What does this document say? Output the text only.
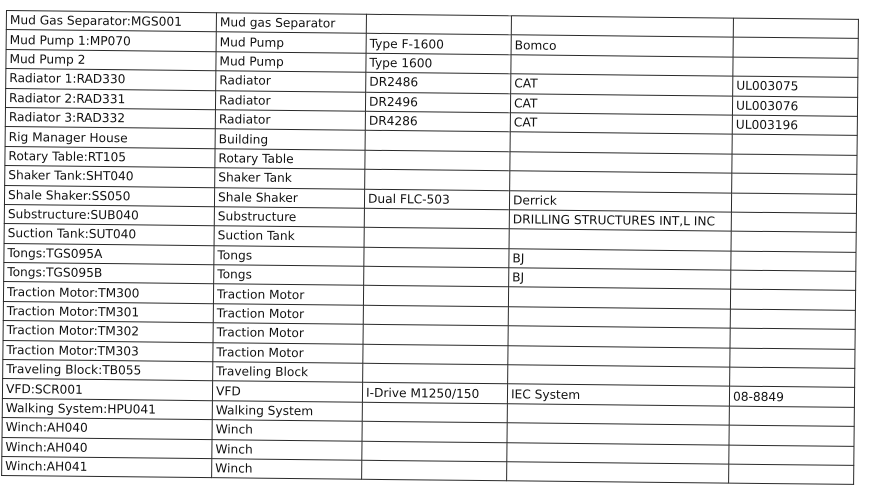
Mud Gas Separator:MGS001	Mud gas Separator			
Mud Pump 1:MP070	Mud Pump	Type F-1600	Bomco	
Mud Pump 2	Mud Pump	Type 1600		
Radiator 1:RAD330	Radiator	DR2486	CAT	UL003075
Radiator 2:RAD331	Radiator	DR2496	CAT	UL003076
Radiator 3:RAD332	Radiator	DR4286	CAT	UL003196
Rig Manager House	Building			
Rotary Table:RT105	Rotary Table			
Shaker Tank:SHT040	Shaker Tank			
Shale Shaker:SS050	Shale Shaker	Dual FLC-503	Derrick	
Substructure:SUB040	Substructure		DRILLING STRUCTURES INT,L INC	
Suction Tank:SUT040	Suction Tank			
Tongs:TGS095A	Tongs		BJ	
Tongs:TGS095B	Tongs		BJ	
Traction Motor:TM300	Traction Motor			
Traction Motor:TM301	Traction Motor			
Traction Motor:TM302	Traction Motor			
Traction Motor:TM303	Traction Motor			
Traveling Block:TB055	Traveling Block			
VFD:SCR001	VFD	I-Drive M1250/150	IEC System	08-8849
Walking System:HPU041	Walking System			
Winch:AH040	Winch			
Winch:AH040	Winch			
Winch:AH041	Winch			
